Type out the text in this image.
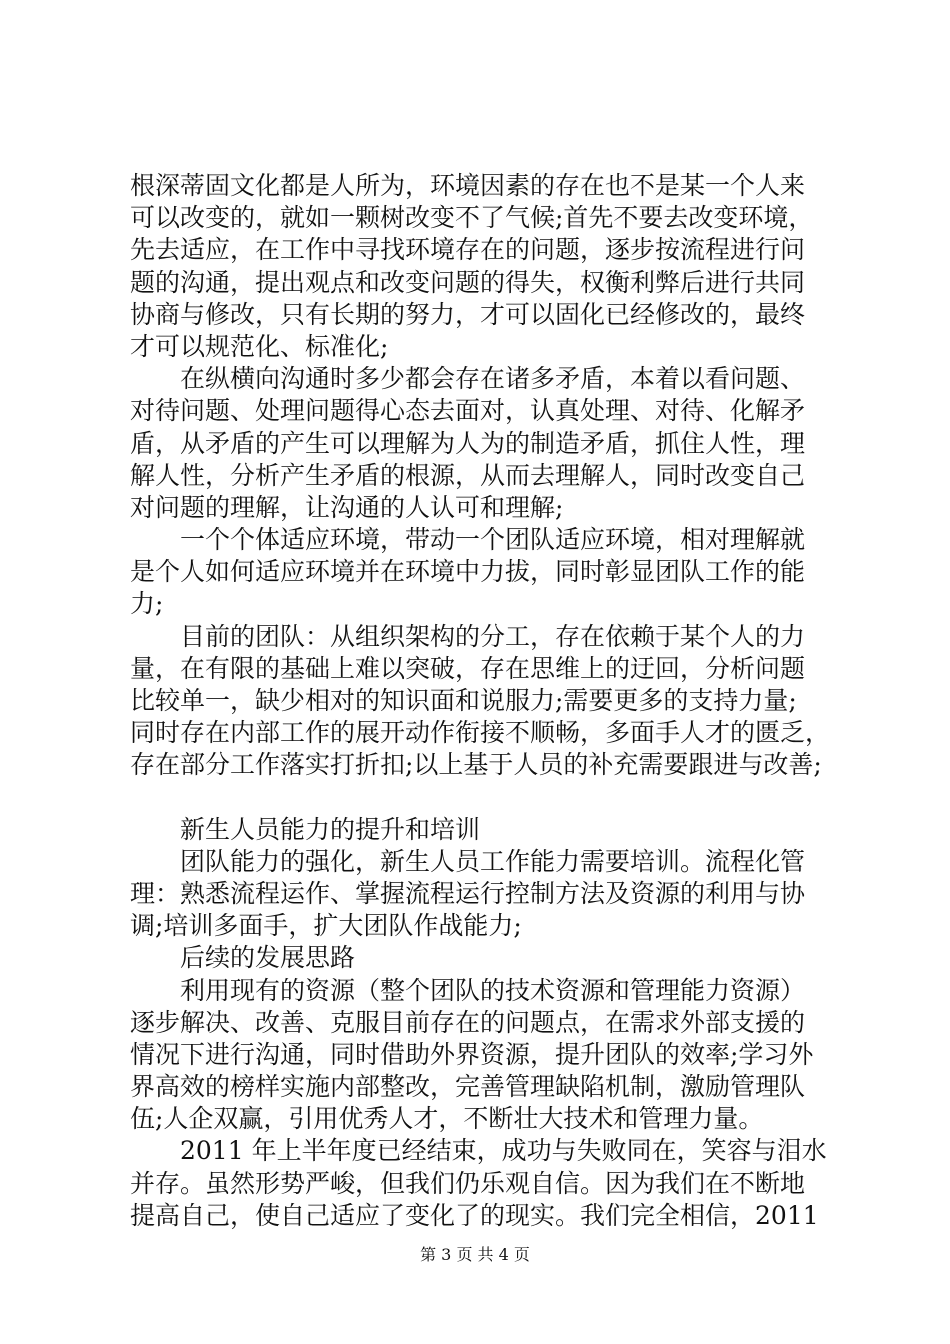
根深蒂固文化都是人所为，环境因素的存在也不是某一个人来
可以改变的，就如一颗树改变不了气候;首先不要去改变环境，
先去适应，在工作中寻找环境存在的问题，逐步按流程进行问
题的沟通，提出观点和改变问题的得失，权衡利弊后进行共同
协商与修改，只有长期的努力，才可以固化已经修改的，最终
才可以规范化、标准化;
在纵横向沟通时多少都会存在诸多矛盾，本着以看问题、
对待问题、处理问题得心态去面对，认真处理、对待、化解矛
盾，从矛盾的产生可以理解为人为的制造矛盾，抓住人性，理
解人性，分析产生矛盾的根源，从而去理解人，同时改变自己
对问题的理解，让沟通的人认可和理解;
一个个体适应环境，带动一个团队适应环境，相对理解就
是个人如何适应环境并在环境中力拔，同时彰显团队工作的能
力;
目前的团队：从组织架构的分工，存在依赖于某个人的力
量，在有限的基础上难以突破，存在思维上的迂回，分析问题
比较单一，缺少相对的知识面和说服力;需要更多的支持力量;
同时存在内部工作的展开动作衔接不顺畅，多面手人才的匮乏，
存在部分工作落实打折扣;以上基于人员的补充需要跟进与改善;
新生人员能力的提升和培训
团队能力的强化，新生人员工作能力需要培训。流程化管
理：熟悉流程运作、掌握流程运行控制方法及资源的利用与协
调;培训多面手，扩大团队作战能力;
后续的发展思路
利用现有的资源（整个团队的技术资源和管理能力资源）
逐步解决、改善、克服目前存在的问题点，在需求外部支援的
情况下进行沟通，同时借助外界资源，提升团队的效率;学习外
界高效的榜样实施内部整改，完善管理缺陷机制，激励管理队
伍;人企双赢，引用优秀人才，不断壮大技术和管理力量。
2011 年上半年度已经结束，成功与失败同在，笑容与泪水
并存。虽然形势严峻，但我们仍乐观自信。因为我们在不断地
提高自己，使自己适应了变化了的现实。我们完全相信，2011
第 3 页 共 4 页
